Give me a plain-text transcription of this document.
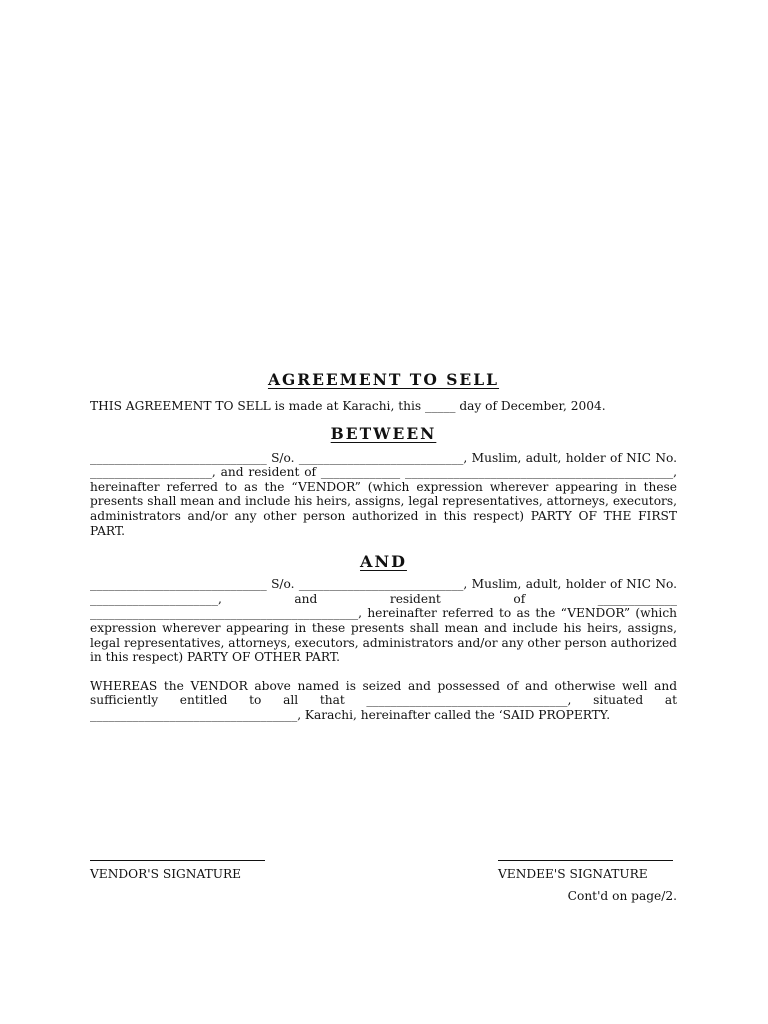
AGREEMENT TO SELL

THIS AGREEMENT TO SELL is made at Karachi, this _____ day of December, 2004.

BETWEEN

_____________________________ S/o. ___________________________, Muslim, adult, holder of NIC No. ____________________, and resident of _____________ ____________________________________________, hereinafter referred to as the “VENDOR” (which expression wherever appearing in these presents shall mean and include his heirs, assigns, legal representatives, attorneys, executors, administrators and/or any other person authorized in this respect) PARTY OF THE FIRST PART.

AND

_____________________________ S/o. ___________________________, Muslim, adult, holder of NIC No. _____________________, and resident of _____________ ____________________________________________, hereinafter referred to as the “VENDOR” (which expression wherever appearing in these presents shall mean and include his heirs, assigns, legal representatives, attorneys, executors, administrators and/or any other person authorized in this respect) PARTY OF OTHER PART.

WHEREAS the VENDOR above named is seized and possessed of and otherwise well and sufficiently entitled to all that _________________________________, situated at __________________________________, Karachi, hereinafter called the ‘SAID PROPERTY.

VENDOR'S SIGNATURE	VENDEE'S SIGNATURE
Cont'd on page/2.
